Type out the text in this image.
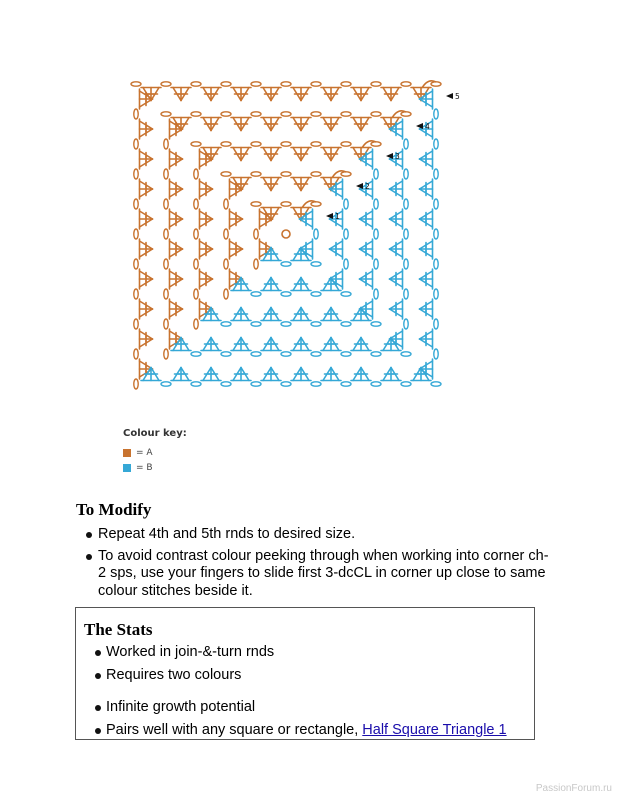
1
2
3
4
5
Colour key:
= A
= B
To Modify
Repeat 4th and 5th rnds to desired size.
To avoid contrast colour peeking through when working into corner ch-2 sps, use your fingers to slide first 3-dcCL in corner up close to same colour stitches beside it.
The Stats
Worked in join-&-turn rnds
Requires two colours
Infinite growth potential
Pairs well with any square or rectangle, Half Square Triangle 1
PassionForum.ru
